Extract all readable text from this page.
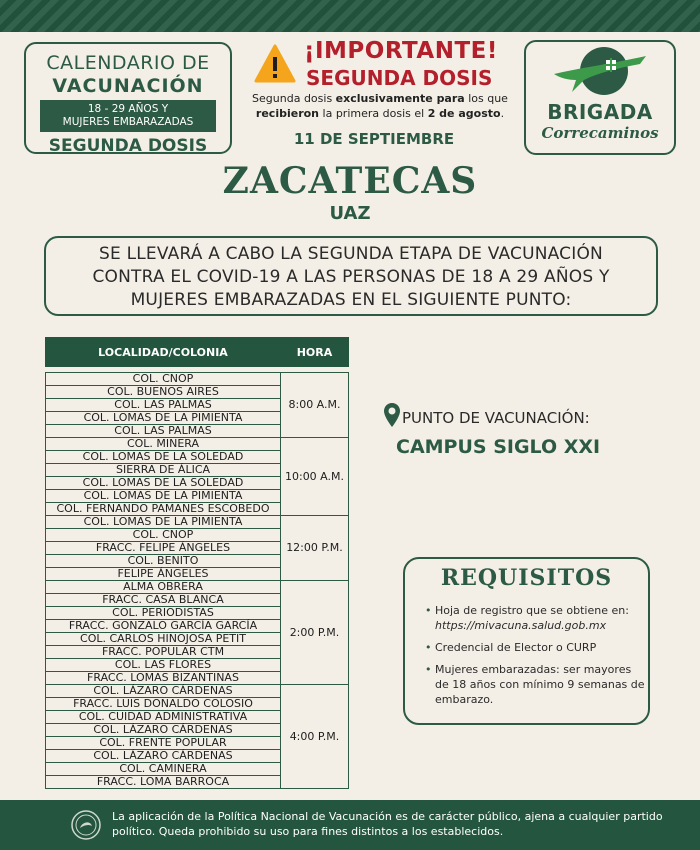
CALENDARIO DE
VACUNACIÓN
18 - 29 AÑOS Y
MUJERES EMBARAZADAS
SEGUNDA DOSIS
¡IMPORTANTE!
SEGUNDA DOSIS
Segunda dosis exclusivamente para los que recibieron la primera dosis el 2 de agosto.
11 DE SEPTIEMBRE
BRIGADA
Correcaminos
ZACATECAS
UAZ
SE LLEVARÁ A CABO LA SEGUNDA ETAPA DE VACUNACIÓN
CONTRA EL COVID-19 A LAS PERSONAS DE 18 A 29 AÑOS Y
MUJERES EMBARAZADAS EN EL SIGUIENTE PUNTO:
LOCALIDAD/COLONIA	HORA

COL. CNOP	8:00 A.M.
COL. BUENOS AIRES	
COL. LAS PALMAS	
COL. LOMAS DE LA PIMIENTA	
COL. LAS PALMAS	
COL. MINERA	10:00 A.M.
COL. LOMAS DE LA SOLEDAD	
SIERRA DE ÁLICA	
COL. LOMAS DE LA SOLEDAD	
COL. LOMAS DE LA PIMIENTA	
COL. FERNANDO PAMANES ESCOBEDO	
COL. LOMAS DE LA PIMIENTA	12:00 P.M.
COL. CNOP	
FRACC. FELIPE ÁNGELES	
COL. BENITO	
FELIPE ÁNGELES	
ALMA OBRERA	2:00 P.M.
FRACC. CASA BLANCA	
COL. PERIODISTAS	
FRACC. GONZALO GARCÍA GARCÍA	
COL. CARLOS HINOJOSA PETIT	
FRACC. POPULAR CTM	
COL. LAS FLORES	
FRACC. LOMAS BIZANTINAS	
COL. LÁZARO CÁRDENAS	4:00 P.M.
FRACC. LUIS DONALDO COLOSIO	
COL. CUIDAD ADMINISTRATIVA	
COL. LÁZARO CÁRDENAS	
COL. FRENTE POPULAR	
COL. LÁZARO CÁRDENAS	
COL. CAMINERA	
FRACC. LOMA BARROCA	
PUNTO DE VACUNACIÓN:
CAMPUS SIGLO XXI
REQUISITOS
• Hoja de registro que se obtiene en:
https://mivacuna.salud.gob.mx
• Credencial de Elector o CURP
• Mujeres embarazadas: ser mayores de 18 años con mínimo 9 semanas de embarazo.
La aplicación de la Política Nacional de Vacunación es de carácter público, ajena a cualquier partido político. Queda prohibido su uso para fines distintos a los establecidos.
